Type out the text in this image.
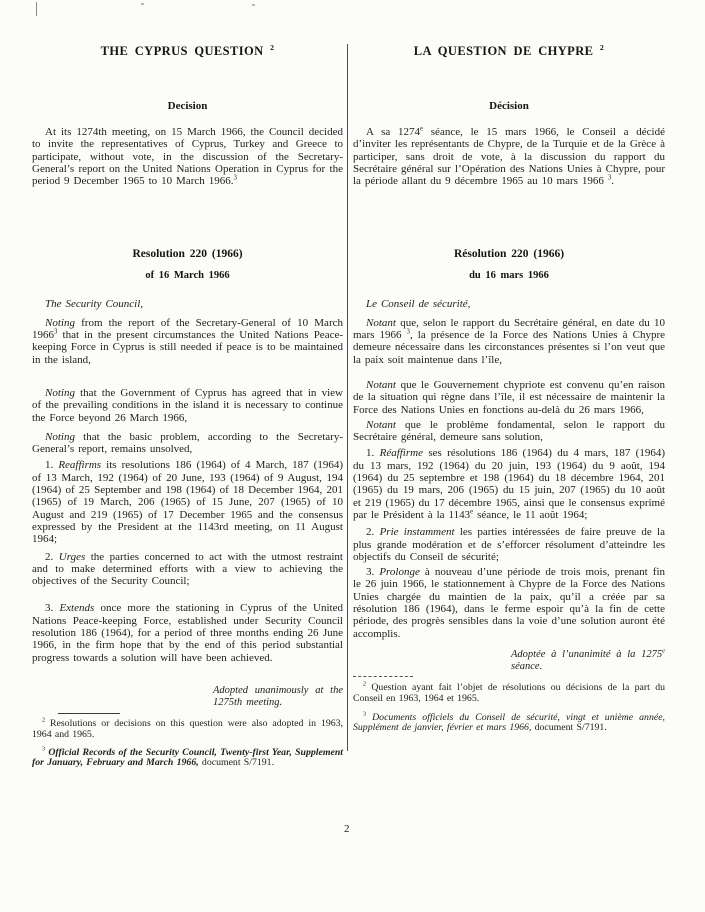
THE CYPRUS QUESTION $^2$

Decision

At its 1274th meeting, on 15 March 1966, the Council decided to invite the representatives of Cyprus, Turkey and Greece to participate, without vote, in the discussion of the Secretary-General’s report on the United Nations Operation in Cyprus for the period 9 December 1965 to 10 March 1966.$^3$

Resolution 220 (1966)

of 16 March 1966

The Security Council,

Noting from the report of the Secretary-General of 10 March 1966$^3$ that in the present circumstances the United Nations Peace-keeping Force in Cyprus is still needed if peace is to be maintained in the island,

Noting that the Government of Cyprus has agreed that in view of the prevailing conditions in the island it is necessary to continue the Force beyond 26 March 1966,

Noting that the basic problem, according to the Secretary-General’s report, remains unsolved,

1. Reaffirms its resolutions 186 (1964) of 4 March, 187 (1964) of 13 March, 192 (1964) of 20 June, 193 (1964) of 9 August, 194 (1964) of 25 September and 198 (1964) of 18 December 1964, 201 (1965) of 19 March, 206 (1965) of 15 June, 207 (1965) of 10 August and 219 (1965) of 17 December 1965 and the consensus expressed by the President at the 1143rd meeting, on 11 August 1964;

2. Urges the parties concerned to act with the utmost restraint and to make determined efforts with a view to achieving the objectives of the Security Council;

3. Extends once more the stationing in Cyprus of the United Nations Peace-keeping Force, established under Security Council resolution 186 (1964), for a period of three months ending 26 June 1966, in the firm hope that by the end of this period substantial progress towards a solution will have been achieved.

Adopted unanimously at the 1275th meeting.

$^2$ Resolutions or decisions on this question were also adopted in 1963, 1964 and 1965.

$^3$ Official Records of the Security Council, Twenty-first Year, Supplement for January, February and March 1966, document S/7191.

LA QUESTION DE CHYPRE $^2$

Décision

A sa 1274e séance, le 15 mars 1966, le Conseil a décidé d’inviter les représentants de Chypre, de la Turquie et de la Grèce à participer, sans droit de vote, à la discussion du rapport du Secrétaire général sur l’Opération des Nations Unies à Chypre, pour la période allant du 9 décembre 1965 au 10 mars 1966 $^3$.

Résolution 220 (1966)

du 16 mars 1966

Le Conseil de sécurité,

Notant que, selon le rapport du Secrétaire général, en date du 10 mars 1966 $^3$, la présence de la Force des Nations Unies à Chypre demeure nécessaire dans les circonstances présentes si l’on veut que la paix soit maintenue dans l’île,

Notant que le Gouvernement chypriote est convenu qu’en raison de la situation qui règne dans l’île, il est nécessaire de maintenir la Force des Nations Unies en fonctions au-delà du 26 mars 1966,

Notant que le problème fondamental, selon le rapport du Secrétaire général, demeure sans solution,

1. Réaffirme ses résolutions 186 (1964) du 4 mars, 187 (1964) du 13 mars, 192 (1964) du 20 juin, 193 (1964) du 9 août, 194 (1964) du 25 septembre et 198 (1964) du 18 décembre 1964, 201 (1965) du 19 mars, 206 (1965) du 15 juin, 207 (1965) du 10 août et 219 (1965) du 17 décembre 1965, ainsi que le consensus exprimé par le Président à la 1143e séance, le 11 août 1964;

2. Prie instamment les parties intéressées de faire preuve de la plus grande modération et de s’efforcer résolument d’atteindre les objectifs du Conseil de sécurité;

3. Prolonge à nouveau d’une période de trois mois, prenant fin le 26 juin 1966, le stationnement à Chypre de la Force des Nations Unies chargée du maintien de la paix, qu’il a créée par sa résolution 186 (1964), dans le ferme espoir qu’à la fin de cette période, des progrès sensibles dans la voie d’une solution auront été accomplis.

Adoptée à l’unanimité à la 1275e séance.

$^2$ Question ayant fait l’objet de résolutions ou décisions de la part du Conseil en 1963, 1964 et 1965.

$^3$ Documents officiels du Conseil de sécurité, vingt et unième année, Supplément de janvier, février et mars 1966, document S/7191.

2
